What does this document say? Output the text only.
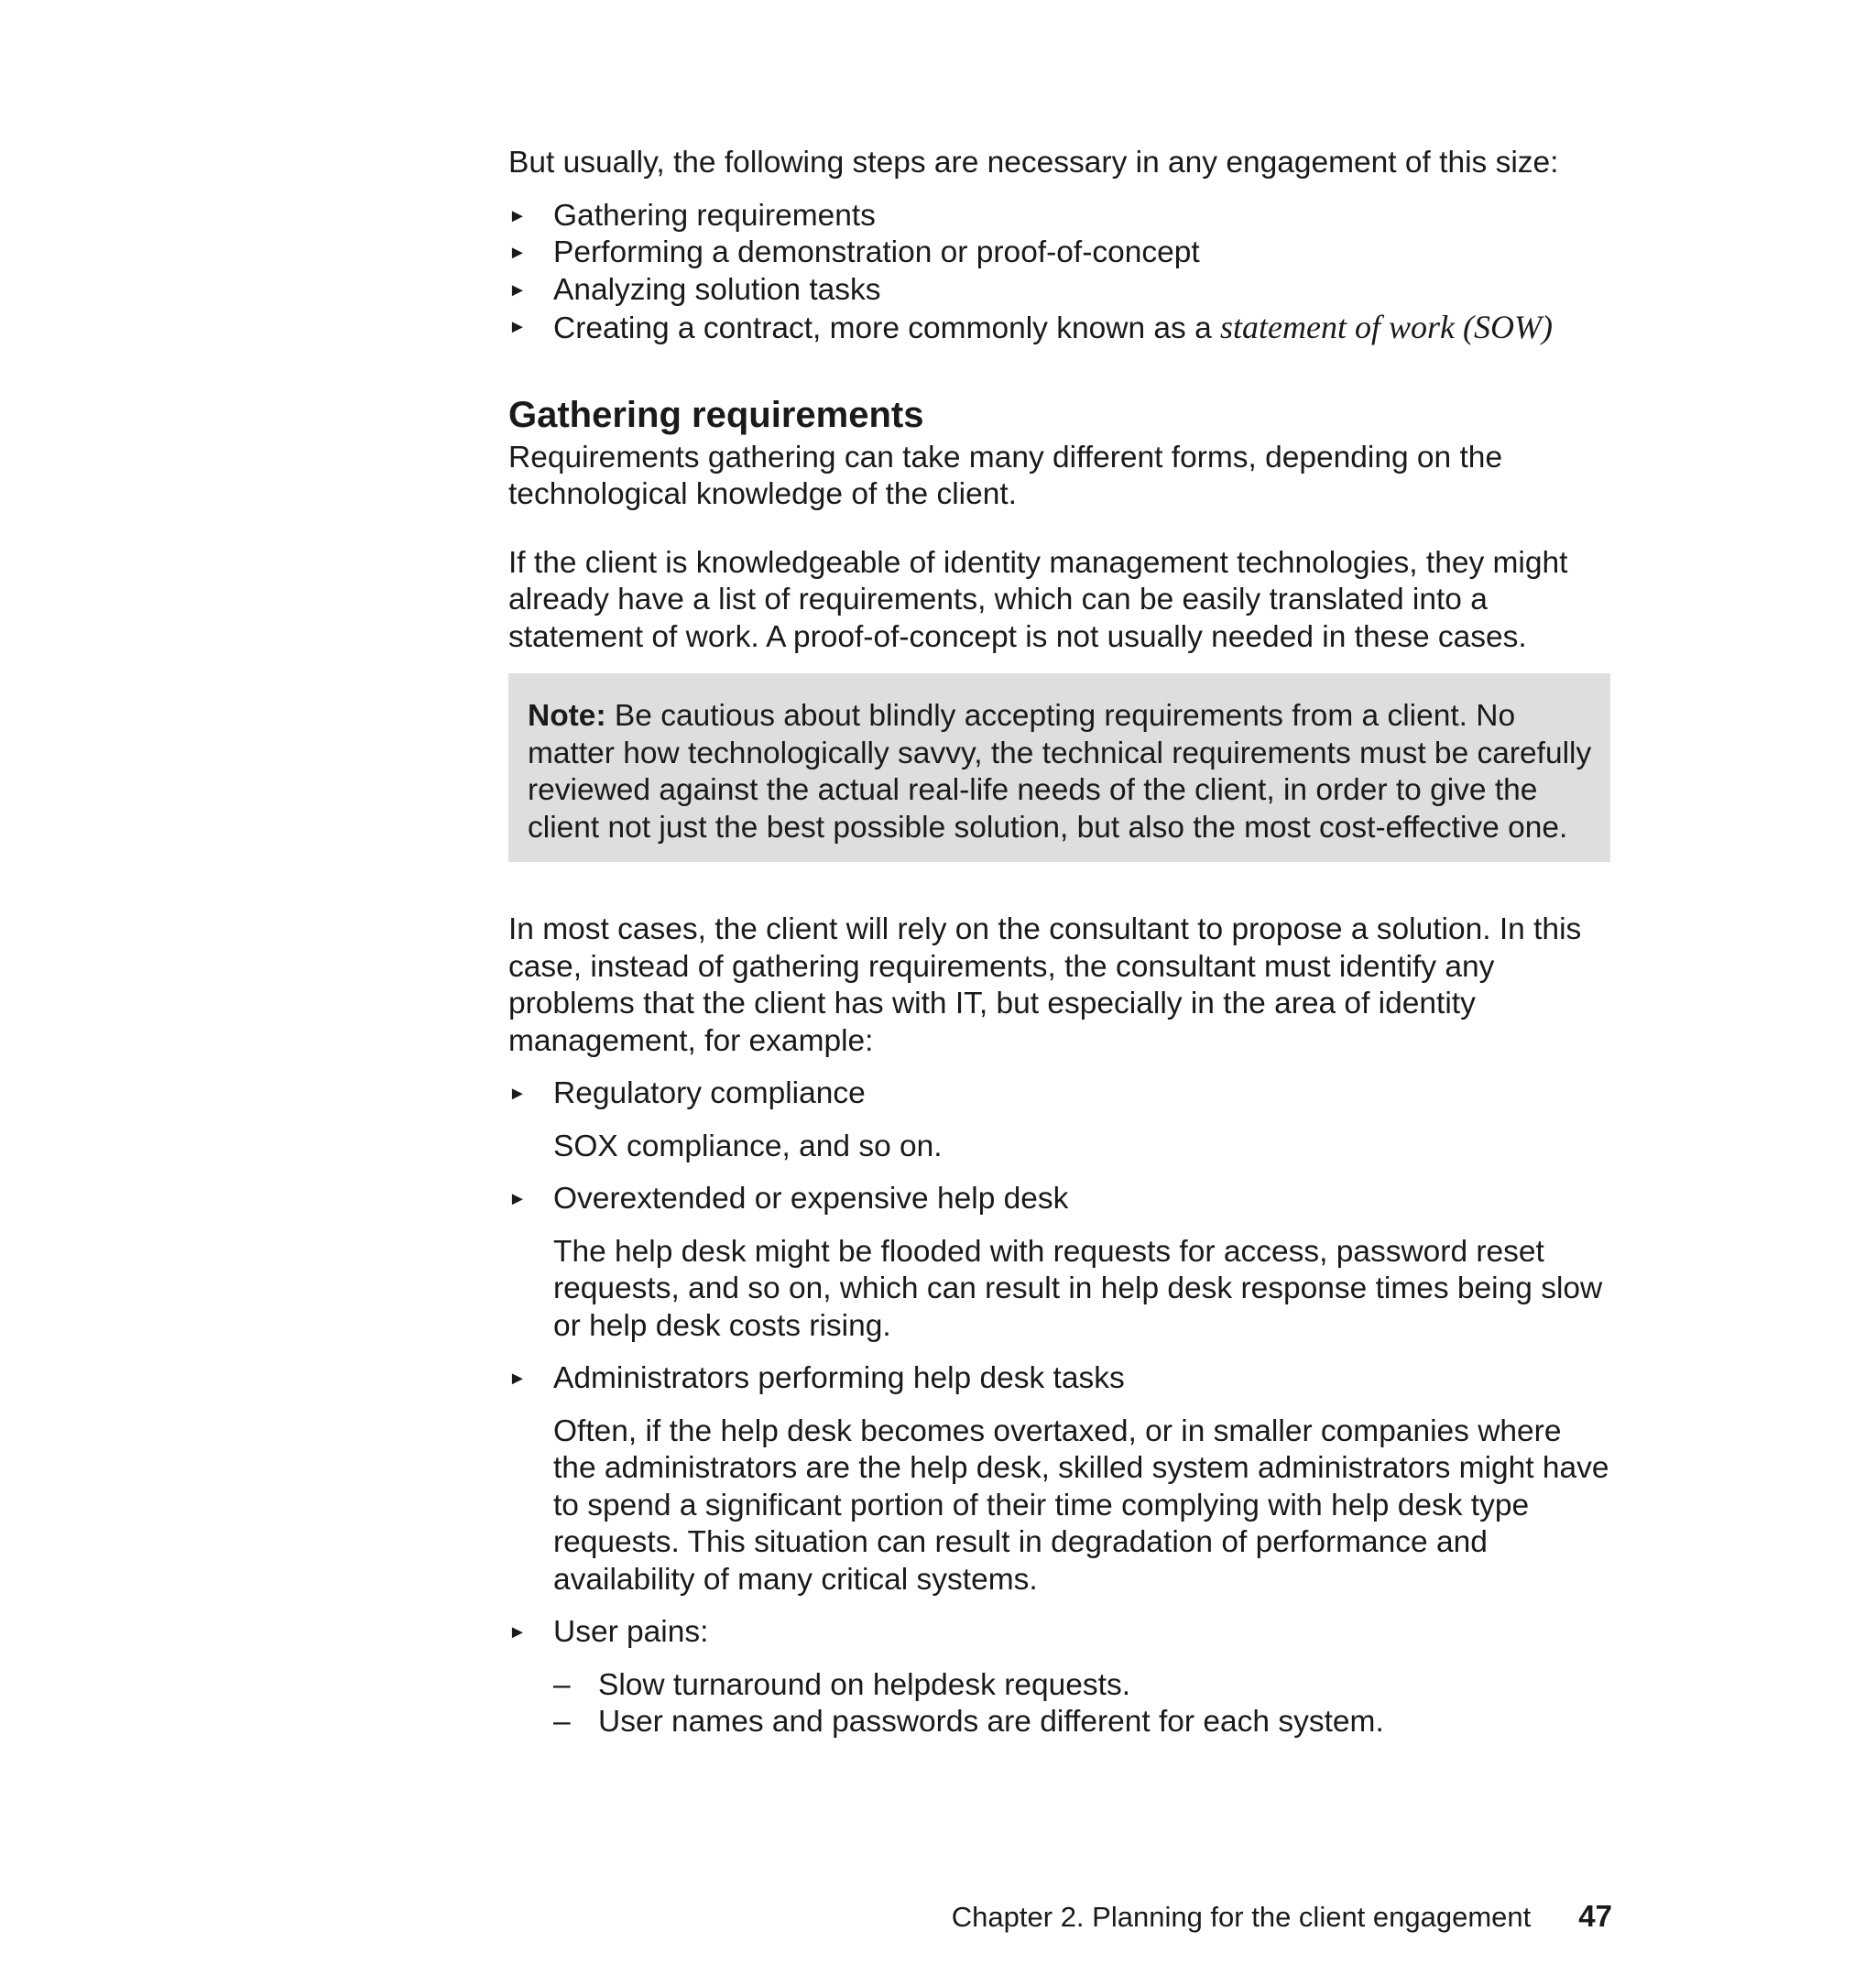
But usually, the following steps are necessary in any engagement of this size:

► Gathering requirements
► Performing a demonstration or proof-of-concept
► Analyzing solution tasks
► Creating a contract, more commonly known as a statement of work (SOW)
Gathering requirements

Requirements gathering can take many different forms, depending on the technological knowledge of the client.

If the client is knowledgeable of identity management technologies, they might already have a list of requirements, which can be easily translated into a statement of work. A proof-of-concept is not usually needed in these cases.

Note: Be cautious about blindly accepting requirements from a client. No matter how technologically savvy, the technical requirements must be carefully reviewed against the actual real-life needs of the client, in order to give the client not just the best possible solution, but also the most cost-effective one.

In most cases, the client will rely on the consultant to propose a solution. In this case, instead of gathering requirements, the consultant must identify any problems that the client has with IT, but especially in the area of identity management, for example:

► Regulatory compliance
SOX compliance, and so on.
► Overextended or expensive help desk
The help desk might be flooded with requests for access, password reset requests, and so on, which can result in help desk response times being slow or help desk costs rising.
► Administrators performing help desk tasks
Often, if the help desk becomes overtaxed, or in smaller companies where the administrators are the help desk, skilled system administrators might have to spend a significant portion of their time complying with help desk type requests. This situation can result in degradation of performance and availability of many critical systems.
► User pains:
– Slow turnaround on helpdesk requests.
– User names and passwords are different for each system.
Chapter 2. Planning for the client engagement 47
